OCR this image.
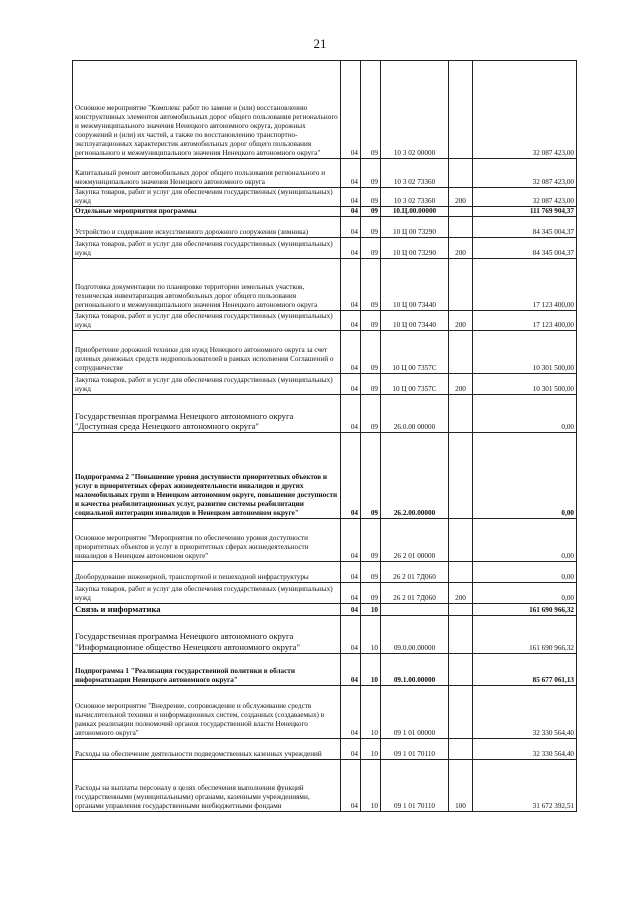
21
Основное мероприятие "Комплекс работ по замене и (или) восстановлению конструктивных элементов автомобильных дорог общего пользования регионального и межмуниципального значения Ненецкого автономного округа, дорожных сооружений и (или) их частей, а также по восстановлению транспортно-эксплуатационных характеристик автомобильных дорог общего пользования регионального и межмуниципального значения Ненецкого автономного округа"	04	09	10 3 02 00000		32 087 423,00
Капитальный ремонт автомобильных дорог общего пользования регионального и межмуниципального значения Ненецкого автономного округа	04	09	10 3 02 73360		32 087 423,00
Закупка товаров, работ и услуг для обеспечения государственных (муниципальных) нужд	04	09	10 3 02 73360	200	32 087 423,00
Отдельные мероприятия программы	04	09	10.Ц.00.00000		111 769 904,37
Устройство и содержание искусственного дорожного сооружения (зимника)	04	09	10 Ц 00 73290		84 345 004,37
Закупка товаров, работ и услуг для обеспечения государственных (муниципальных) нужд	04	09	10 Ц 00 73290	200	84 345 004,37
Подготовка документации по планировке территории земельных участков, техническая инвентаризация автомобильных дорог общего пользования регионального и межмуниципального значения Ненецкого автономного округа	04	09	10 Ц 00 73440		17 123 400,00
Закупка товаров, работ и услуг для обеспечения государственных (муниципальных) нужд	04	09	10 Ц 00 73440	200	17 123 400,00
Приобретение дорожной техники для нужд Ненецкого автономного округа за счет целевых денежных средств недропользователей в рамках исполнения Соглашений о сотрудничестве	04	09	10 Ц 00 7357С		10 301 500,00
Закупка товаров, работ и услуг для обеспечения государственных (муниципальных) нужд	04	09	10 Ц 00 7357С	200	10 301 500,00
Государственная программа Ненецкого автономного округа "Доступная среда Ненецкого автономного округа"	04	09	26.0.00 00000		0,00
Подпрограмма 2 "Повышение уровня доступности приоритетных объектов и услуг в приоритетных сферах жизнедеятельности инвалидов и других маломобильных групп в Ненецком автономном округе, повышение доступности и качества реабилитационных услуг, развитие системы реабилитации социальной интеграции инвалидов в Ненецком автономном округе"	04	09	26.2.00.00000		0,00
Основное мероприятие "Мероприятия по обеспечению уровня доступности приоритетных объектов и услуг в приоритетных сферах жизнедеятельности инвалидов в Ненецком автономном округе"	04	09	26 2 01 00000		0,00
Дооборудование инженерной, транспортной и пешеходной инфраструктуры	04	09	26 2 01 7Д060		0,00
Закупка товаров, работ и услуг для обеспечения государственных (муниципальных) нужд	04	09	26 2 01 7Д060	200	0,00
Связь и информатика	04	10			161 690 966,32
Государственная программа Ненецкого автономного округа "Информационное общество Ненецкого автономного округа"	04	10	09.0.00.00000		161 690 966,32
Подпрограмма 1 "Реализация государственной политики в области информатизации Ненецкого автономного округа"	04	10	09.1.00.00000		85 677 061,13
Основное мероприятие "Внедрение, сопровождение и обслуживание средств вычислительной техники и информационных систем, созданных (создаваемых) в рамках реализации полномочий органов государственной власти Ненецкого автономного округа"	04	10	09 1 01 00000		32 330 564,40
Расходы на обеспечение деятельности подведомственных казенных учреждений	04	10	09 1 01 70110		32 330 564,40
Расходы на выплаты персоналу в целях обеспечения выполнения функций государственными (муниципальными) органами, казенными учреждениями, органами управления государственными внебюджетными фондами	04	10	09 1 01 70110	100	31 672 392,51
